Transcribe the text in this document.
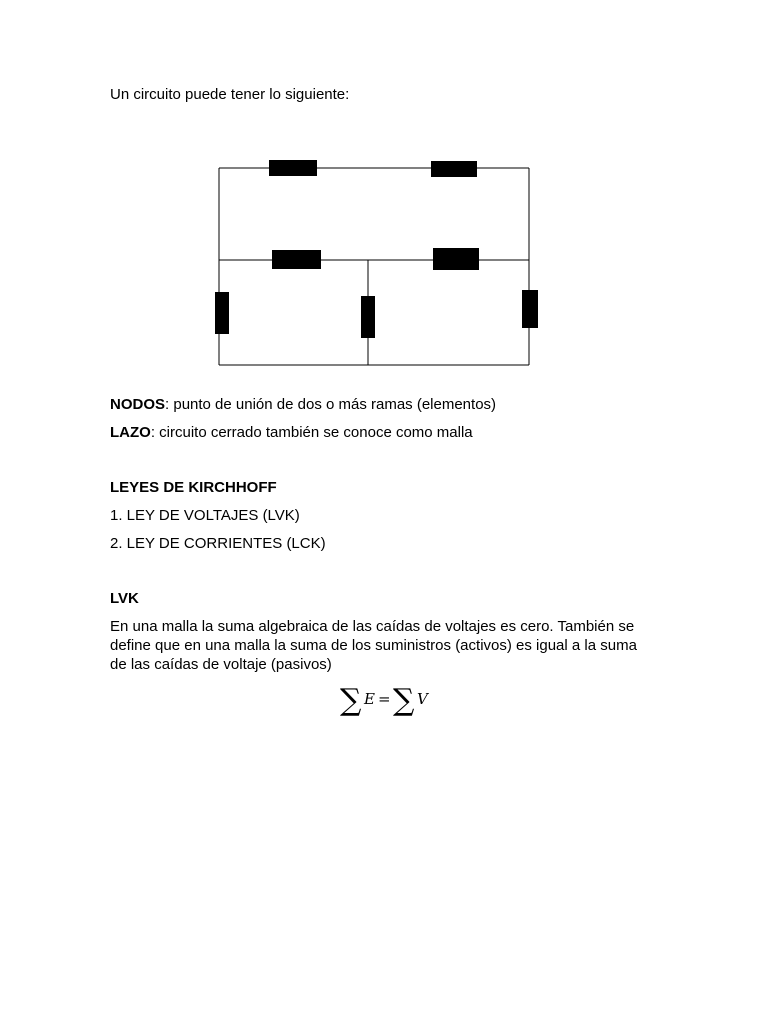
Un circuito puede tener lo siguiente:
NODOS: punto de unión de dos o más ramas (elementos)
LAZO: circuito cerrado también se conoce como malla
LEYES DE KIRCHHOFF
1. LEY DE VOLTAJES (LVK)
2. LEY DE CORRIENTES (LCK)
LVK
En una malla la suma algebraica de las caídas de voltajes es cero. También se
define que en una malla la suma de los suministros (activos) es igual a la suma
de las caídas de voltaje (pasivos)
∑ E = ∑ V
